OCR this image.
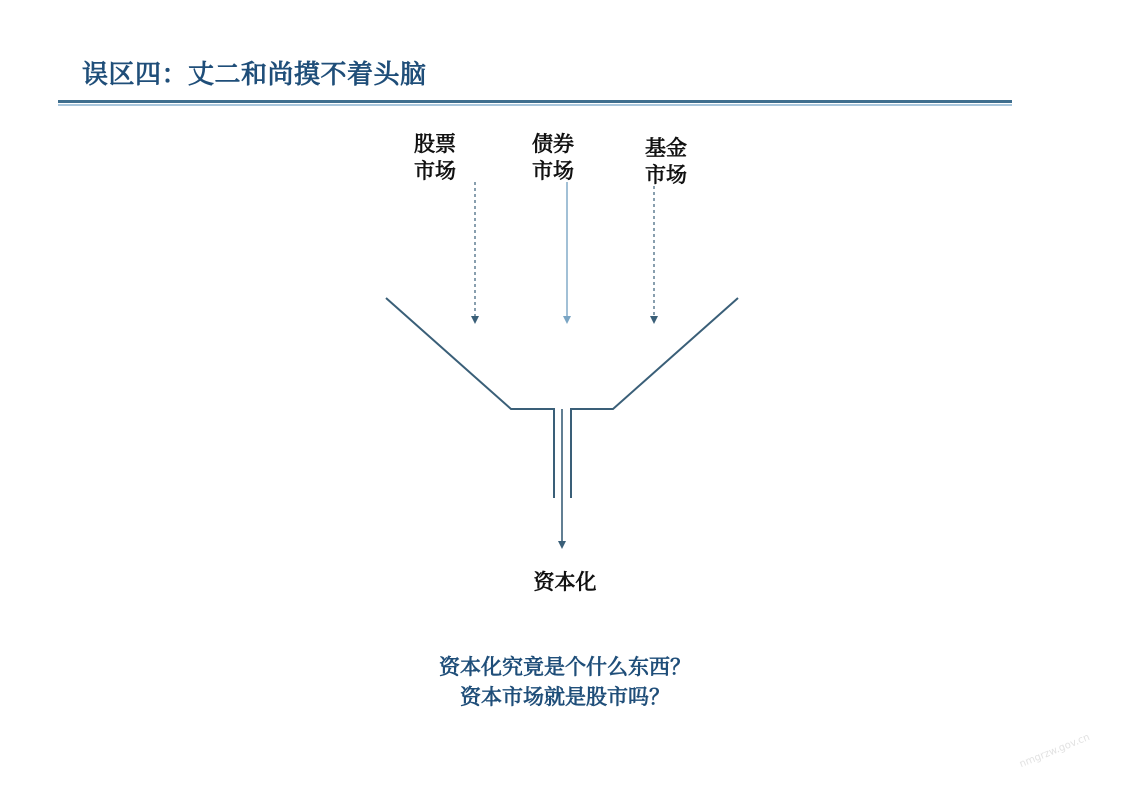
误区四：丈二和尚摸不着头脑
股票
市场
债券
市场
基金
市场
资本化
资本化究竟是个什么东西？
资本市场就是股市吗？
nmgrzw.gov.cn
